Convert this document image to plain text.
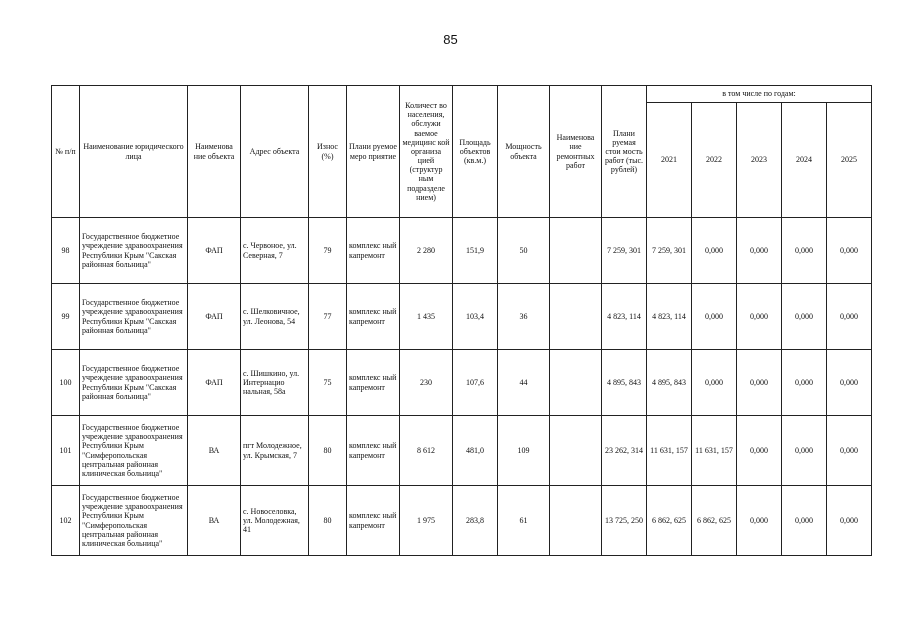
85
№ п/п	Наименование юридического лица	Наименова ние объекта	Адрес объекта	Износ (%)	Плани руемое меро приятие	Количест во населения, обслужи ваемое медицинс кой организа цией (структур ным подразделе нием)	Площадь объектов (кв.м.)	Мощность объекта	Наименова ние ремонтных работ	Плани руемая стои мость работ (тыс. рублей)	в том числе по годам:				
											2021	2022	2023	2024	2025
98	Государственное бюджетное учреждение здравоохранения Республики Крым "Сакская районная больница"	ФАП	с. Червоное, ул. Северная, 7	79	комплекс ный капремонт	2 280	151,9	50		7 259, 301	7 259, 301	0,000	0,000	0,000	0,000
99	Государственное бюджетное учреждение здравоохранения Республики Крым "Сакская районная больница"	ФАП	с. Шелковичное, ул. Леонова, 54	77	комплекс ный капремонт	1 435	103,4	36		4 823, 114	4 823, 114	0,000	0,000	0,000	0,000
100	Государственное бюджетное учреждение здравоохранения Республики Крым "Сакская районная больница"	ФАП	с. Шишкино, ул. Интернацио нальная, 58а	75	комплекс ный капремонт	230	107,6	44		4 895, 843	4 895, 843	0,000	0,000	0,000	0,000
101	Государственное бюджетное учреждение здравоохранения Республики Крым "Симферопольская центральная районная клиническая больница"	ВА	пгт Молодежное, ул. Крымская, 7	80	комплекс ный капремонт	8 612	481,0	109		23 262, 314	11 631, 157	11 631, 157	0,000	0,000	0,000
102	Государственное бюджетное учреждение здравоохранения Республики Крым "Симферопольская центральная районная клиническая больница"	ВА	с. Новоселовка, ул. Молодежная, 41	80	комплекс ный капремонт	1 975	283,8	61		13 725, 250	6 862, 625	6 862, 625	0,000	0,000	0,000
